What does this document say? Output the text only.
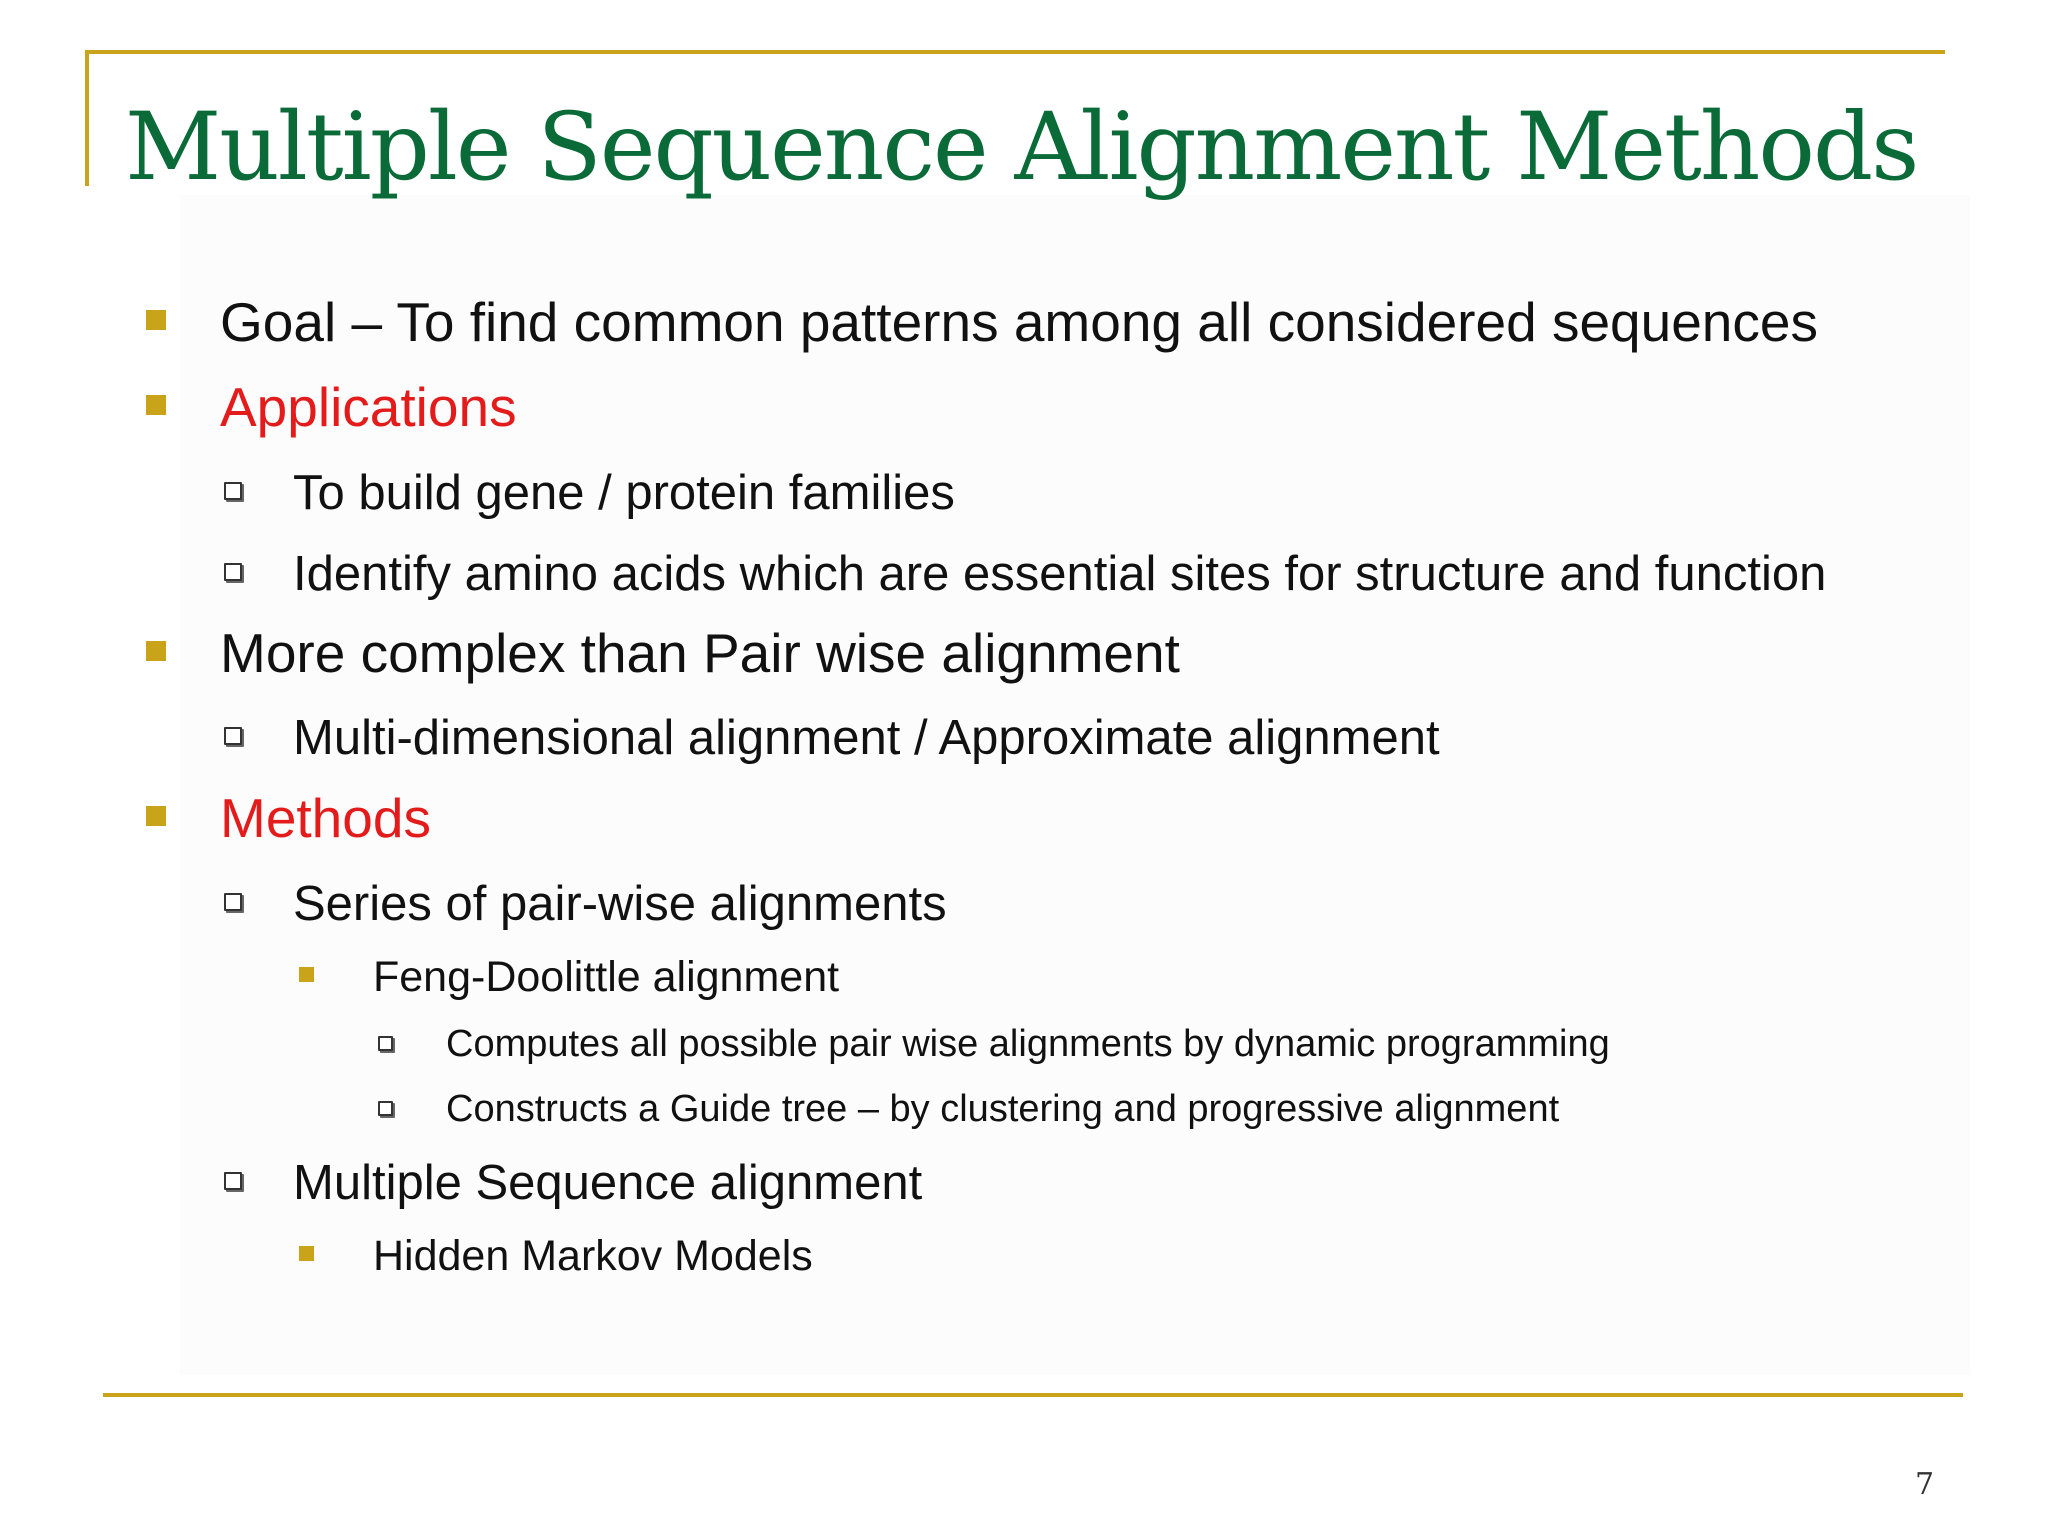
Multiple Sequence Alignment Methods
Goal – To find common patterns among all considered sequences
Applications
To build gene / protein families
Identify amino acids which are essential sites for structure and function
More complex than Pair wise alignment
Multi-dimensional alignment / Approximate alignment
Methods
Series of pair-wise alignments
Feng-Doolittle alignment
Computes all possible pair wise alignments by dynamic programming
Constructs a Guide tree – by clustering and progressive alignment
Multiple Sequence alignment
Hidden Markov Models
7
